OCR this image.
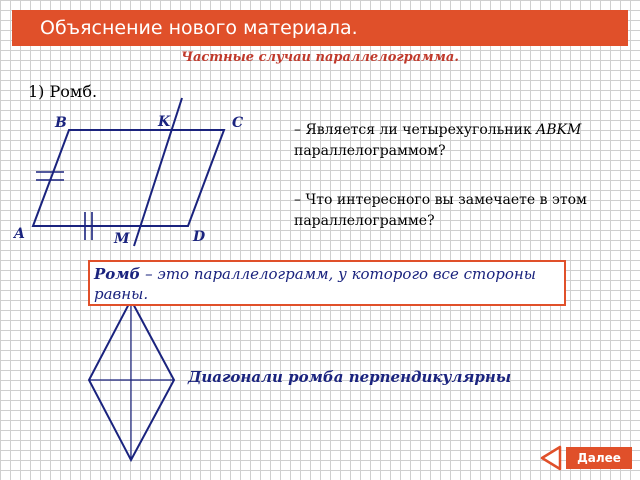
Объяснение нового материала.
Частные случаи параллелограмма.
1) Ромб.
B	K	C
A	M	D
– Является ли четырехугольник ABKM параллелограммом?
– Что интересного вы замечаете в этом параллелограмме?
Ромб – это параллелограмм, у которого все стороны равны.
Диагонали ромба перпендикулярны
Далее
